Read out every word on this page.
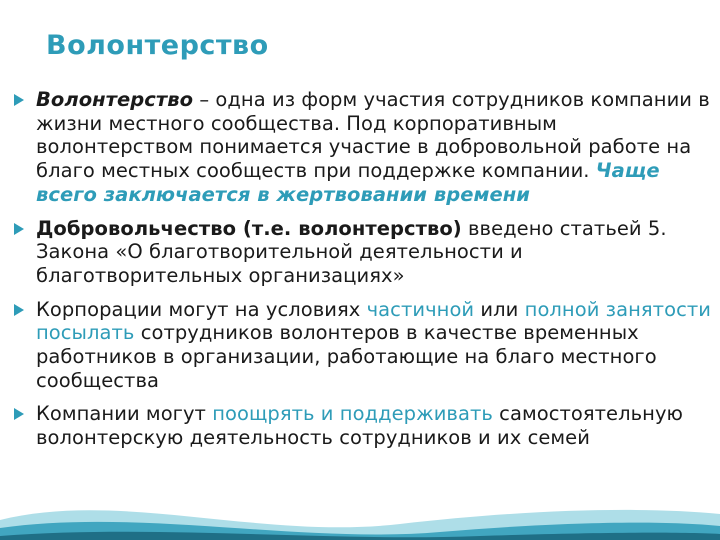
Волонтерство

Волонтерство – одна из форм участия сотрудников компании в жизни местного сообщества. Под корпоративным волонтерством понимается участие в добровольной работе на благо местных сообществ при поддержке компании. Чаще всего заключается в жертвовании времени

Добровольчество (т.е. волонтерство) введено статьей 5. Закона «О благотворительной деятельности и благотворительных организациях»

Корпорации могут на условиях частичной или полной занятости посылать сотрудников волонтеров в качестве временных работников в организации, работающие на благо местного сообщества

Компании могут поощрять и поддерживать самостоятельную волонтерскую деятельность сотрудников и их семей
